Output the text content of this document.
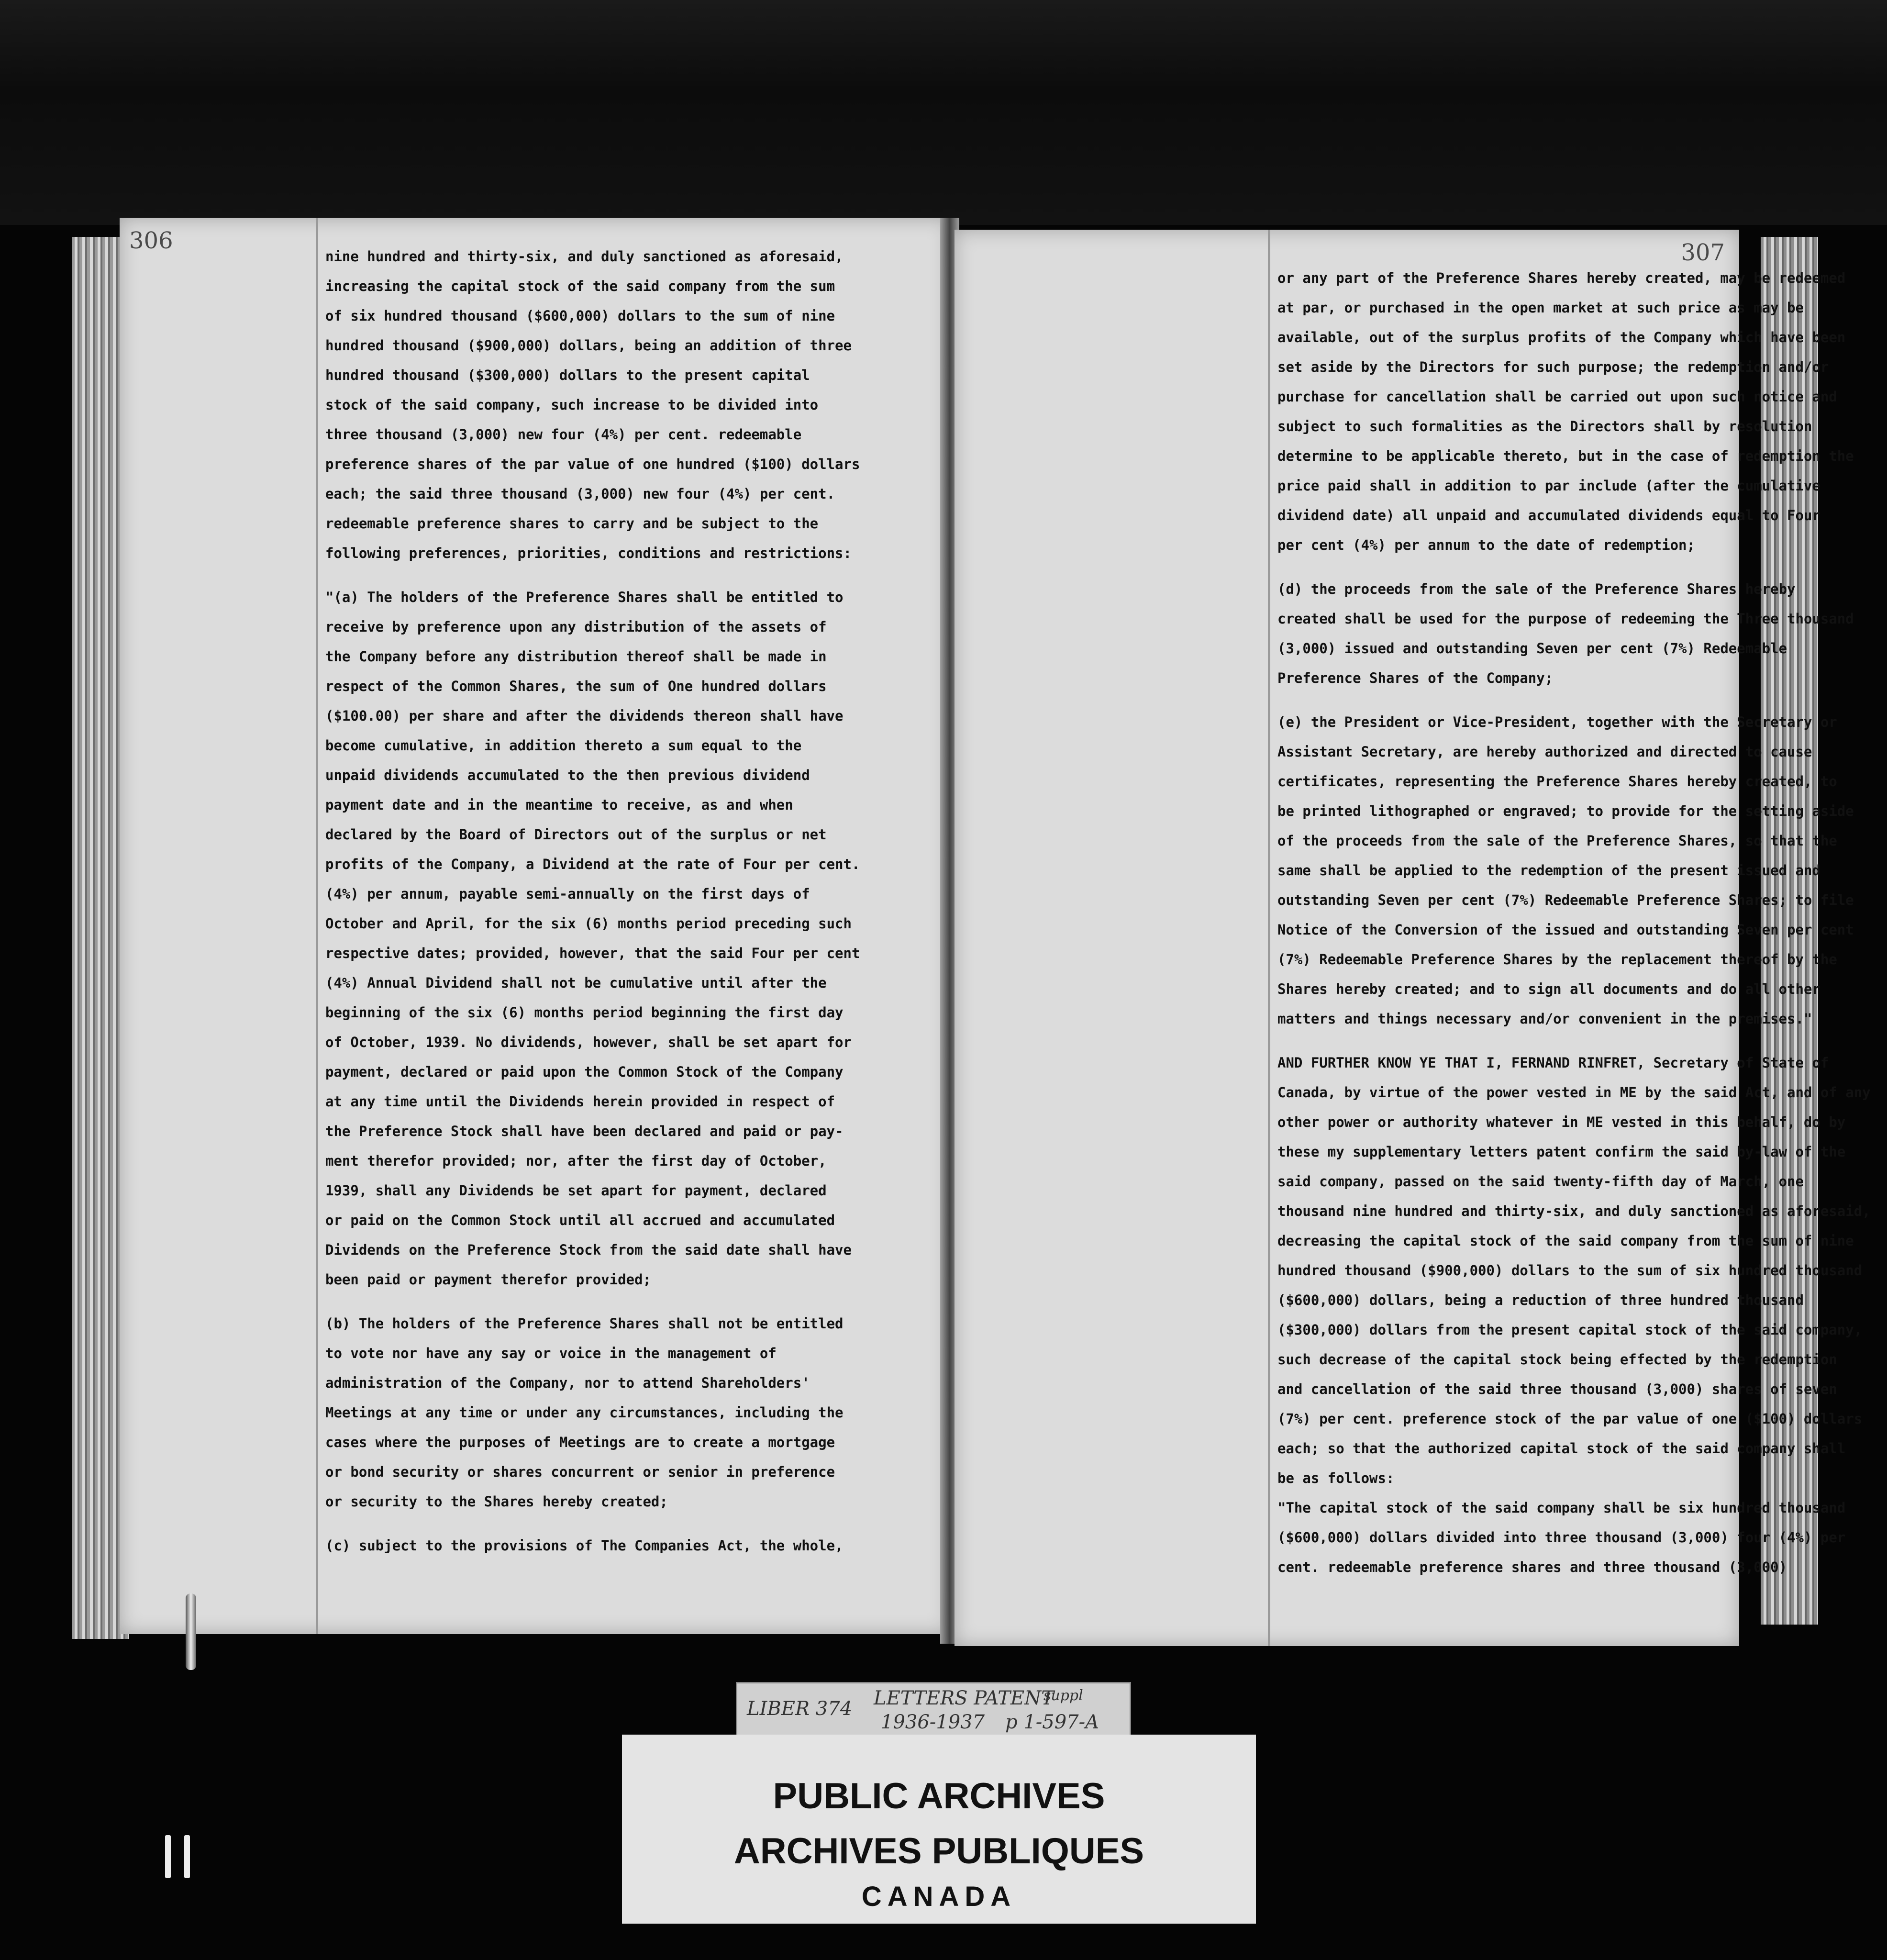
306
nine hundred and thirty-six, and duly sanctioned as aforesaid,
increasing the capital stock of the said company from the sum
of six hundred thousand ($600,000) dollars to the sum of nine
hundred thousand ($900,000) dollars, being an addition of three
hundred thousand ($300,000) dollars to the present capital
stock of the said company, such increase to be divided into
three thousand (3,000) new four (4%) per cent. redeemable
preference shares of the par value of one hundred ($100) dollars
each; the said three thousand (3,000) new four (4%) per cent.
redeemable preference shares to carry and be subject to the
following preferences, priorities, conditions and restrictions:
"(a) The holders of the Preference Shares shall be entitled to
receive by preference upon any distribution of the assets of
the Company before any distribution thereof shall be made in
respect of the Common Shares, the sum of One hundred dollars
($100.00) per share and after the dividends thereon shall have
become cumulative, in addition thereto a sum equal to the
unpaid dividends accumulated to the then previous dividend
payment date and in the meantime to receive, as and when
declared by the Board of Directors out of the surplus or net
profits of the Company, a Dividend at the rate of Four per cent.
(4%) per annum, payable semi-annually on the first days of
October and April, for the six (6) months period preceding such
respective dates; provided, however, that the said Four per cent
(4%) Annual Dividend shall not be cumulative until after the
beginning of the six (6) months period beginning the first day
of October, 1939. No dividends, however, shall be set apart for
payment, declared or paid upon the Common Stock of the Company
at any time until the Dividends herein provided in respect of
the Preference Stock shall have been declared and paid or pay-
ment therefor provided; nor, after the first day of October,
1939, shall any Dividends be set apart for payment, declared
or paid on the Common Stock until all accrued and accumulated
Dividends on the Preference Stock from the said date shall have
been paid or payment therefor provided;
(b) The holders of the Preference Shares shall not be entitled
to vote nor have any say or voice in the management of
administration of the Company, nor to attend Shareholders'
Meetings at any time or under any circumstances, including the
cases where the purposes of Meetings are to create a mortgage
or bond security or shares concurrent or senior in preference
or security to the Shares hereby created;
(c) subject to the provisions of The Companies Act, the whole,
307
or any part of the Preference Shares hereby created, may be redeemed
at par, or purchased in the open market at such price as may be
available, out of the surplus profits of the Company which have been
set aside by the Directors for such purpose; the redemption and/or
purchase for cancellation shall be carried out upon such notice and
subject to such formalities as the Directors shall by resolution
determine to be applicable thereto, but in the case of redemption the
price paid shall in addition to par include (after the cumulative
dividend date) all unpaid and accumulated dividends equal to Four
per cent (4%) per annum to the date of redemption;
(d) the proceeds from the sale of the Preference Shares hereby
created shall be used for the purpose of redeeming the Three thousand
(3,000) issued and outstanding Seven per cent (7%) Redeemable
Preference Shares of the Company;
(e) the President or Vice-President, together with the Secretary or
Assistant Secretary, are hereby authorized and directed to cause
certificates, representing the Preference Shares hereby created, to
be printed lithographed or engraved; to provide for the setting aside
of the proceeds from the sale of the Preference Shares, so that the
same shall be applied to the redemption of the present issued and
outstanding Seven per cent (7%) Redeemable Preference Shares; to file
Notice of the Conversion of the issued and outstanding Seven per cent
(7%) Redeemable Preference Shares by the replacement thereof by the
Shares hereby created; and to sign all documents and do all other
matters and things necessary and/or convenient in the premises."
AND FURTHER KNOW YE THAT I, FERNAND RINFRET, Secretary of State of
Canada, by virtue of the power vested in ME by the said Act, and of any
other power or authority whatever in ME vested in this behalf, do by
these my supplementary letters patent confirm the said by-law of the
said company, passed on the said twenty-fifth day of March, one
thousand nine hundred and thirty-six, and duly sanctioned as aforesaid,
decreasing the capital stock of the said company from the sum of nine
hundred thousand ($900,000) dollars to the sum of six hundred thousand
($600,000) dollars, being a reduction of three hundred thousand
($300,000) dollars from the present capital stock of the said company,
such decrease of the capital stock being effected by the redemption
and cancellation of the said three thousand (3,000) shares of seven
(7%) per cent. preference stock of the par value of one ($100) dollars
each; so that the authorized capital stock of the said company shall
be as follows:
"The capital stock of the said company shall be six hundred thousand
($600,000) dollars divided into three thousand (3,000) four (4%) per
cent. redeemable preference shares and three thousand (3,000)
LIBER 374 LETTERS PATENT
suppl
1936-1937 p 1-597-A
PUBLIC ARCHIVES
ARCHIVES PUBLIQUES
CANADA
